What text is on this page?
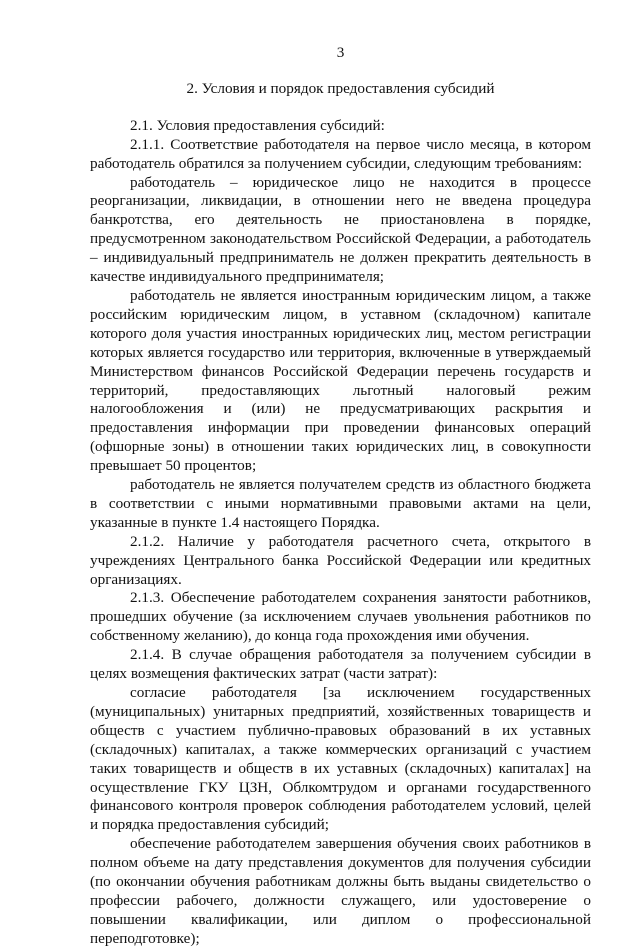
3
2. Условия и порядок предоставления субсидий

2.1. Условия предоставления субсидий:

2.1.1. Соответствие работодателя на первое число месяца, в котором работодатель обратился за получением субсидии, следующим требованиям:

работодатель – юридическое лицо не находится в процессе реорганизации, ликвидации, в отношении него не введена процедура банкротства, его деятельность не приостановлена в порядке, предусмотренном законодательством Российской Федерации, а работодатель – индивидуальный предприниматель не должен прекратить деятельность в качестве индивидуального предпринимателя;

работодатель не является иностранным юридическим лицом, а также российским юридическим лицом, в уставном (складочном) капитале которого доля участия иностранных юридических лиц, местом регистрации которых является государство или территория, включенные в утверждаемый Министерством финансов Российской Федерации перечень государств и территорий, предоставляющих льготный налоговый режим налогообложения и (или) не предусматривающих раскрытия и предоставления информации при проведении финансовых операций (офшорные зоны) в отношении таких юридических лиц, в совокупности превышает 50 процентов;

работодатель не является получателем средств из областного бюджета в соответствии с иными нормативными правовыми актами на цели, указанные в пункте 1.4 настоящего Порядка.

2.1.2. Наличие у работодателя расчетного счета, открытого в учреждениях Центрального банка Российской Федерации или кредитных организациях.

2.1.3. Обеспечение работодателем сохранения занятости работников, прошедших обучение (за исключением случаев увольнения работников по собственному желанию), до конца года прохождения ими обучения.

2.1.4. В случае обращения работодателя за получением субсидии в целях возмещения фактических затрат (части затрат):

согласие работодателя [за исключением государственных (муниципальных) унитарных предприятий, хозяйственных товариществ и обществ с участием публично-правовых образований в их уставных (складочных) капиталах, а также коммерческих организаций с участием таких товариществ и обществ в их уставных (складочных) капиталах] на осуществление ГКУ ЦЗН, Облкомтрудом и органами государственного финансового контроля проверок соблюдения работодателем условий, целей и порядка предоставления субсидий;

обеспечение работодателем завершения обучения своих работников в полном объеме на дату представления документов для получения субсидии (по окончании обучения работникам должны быть выданы свидетельство о профессии рабочего, должности служащего, или удостоверение о повышении квалификации, или диплом о профессиональной переподготовке);
